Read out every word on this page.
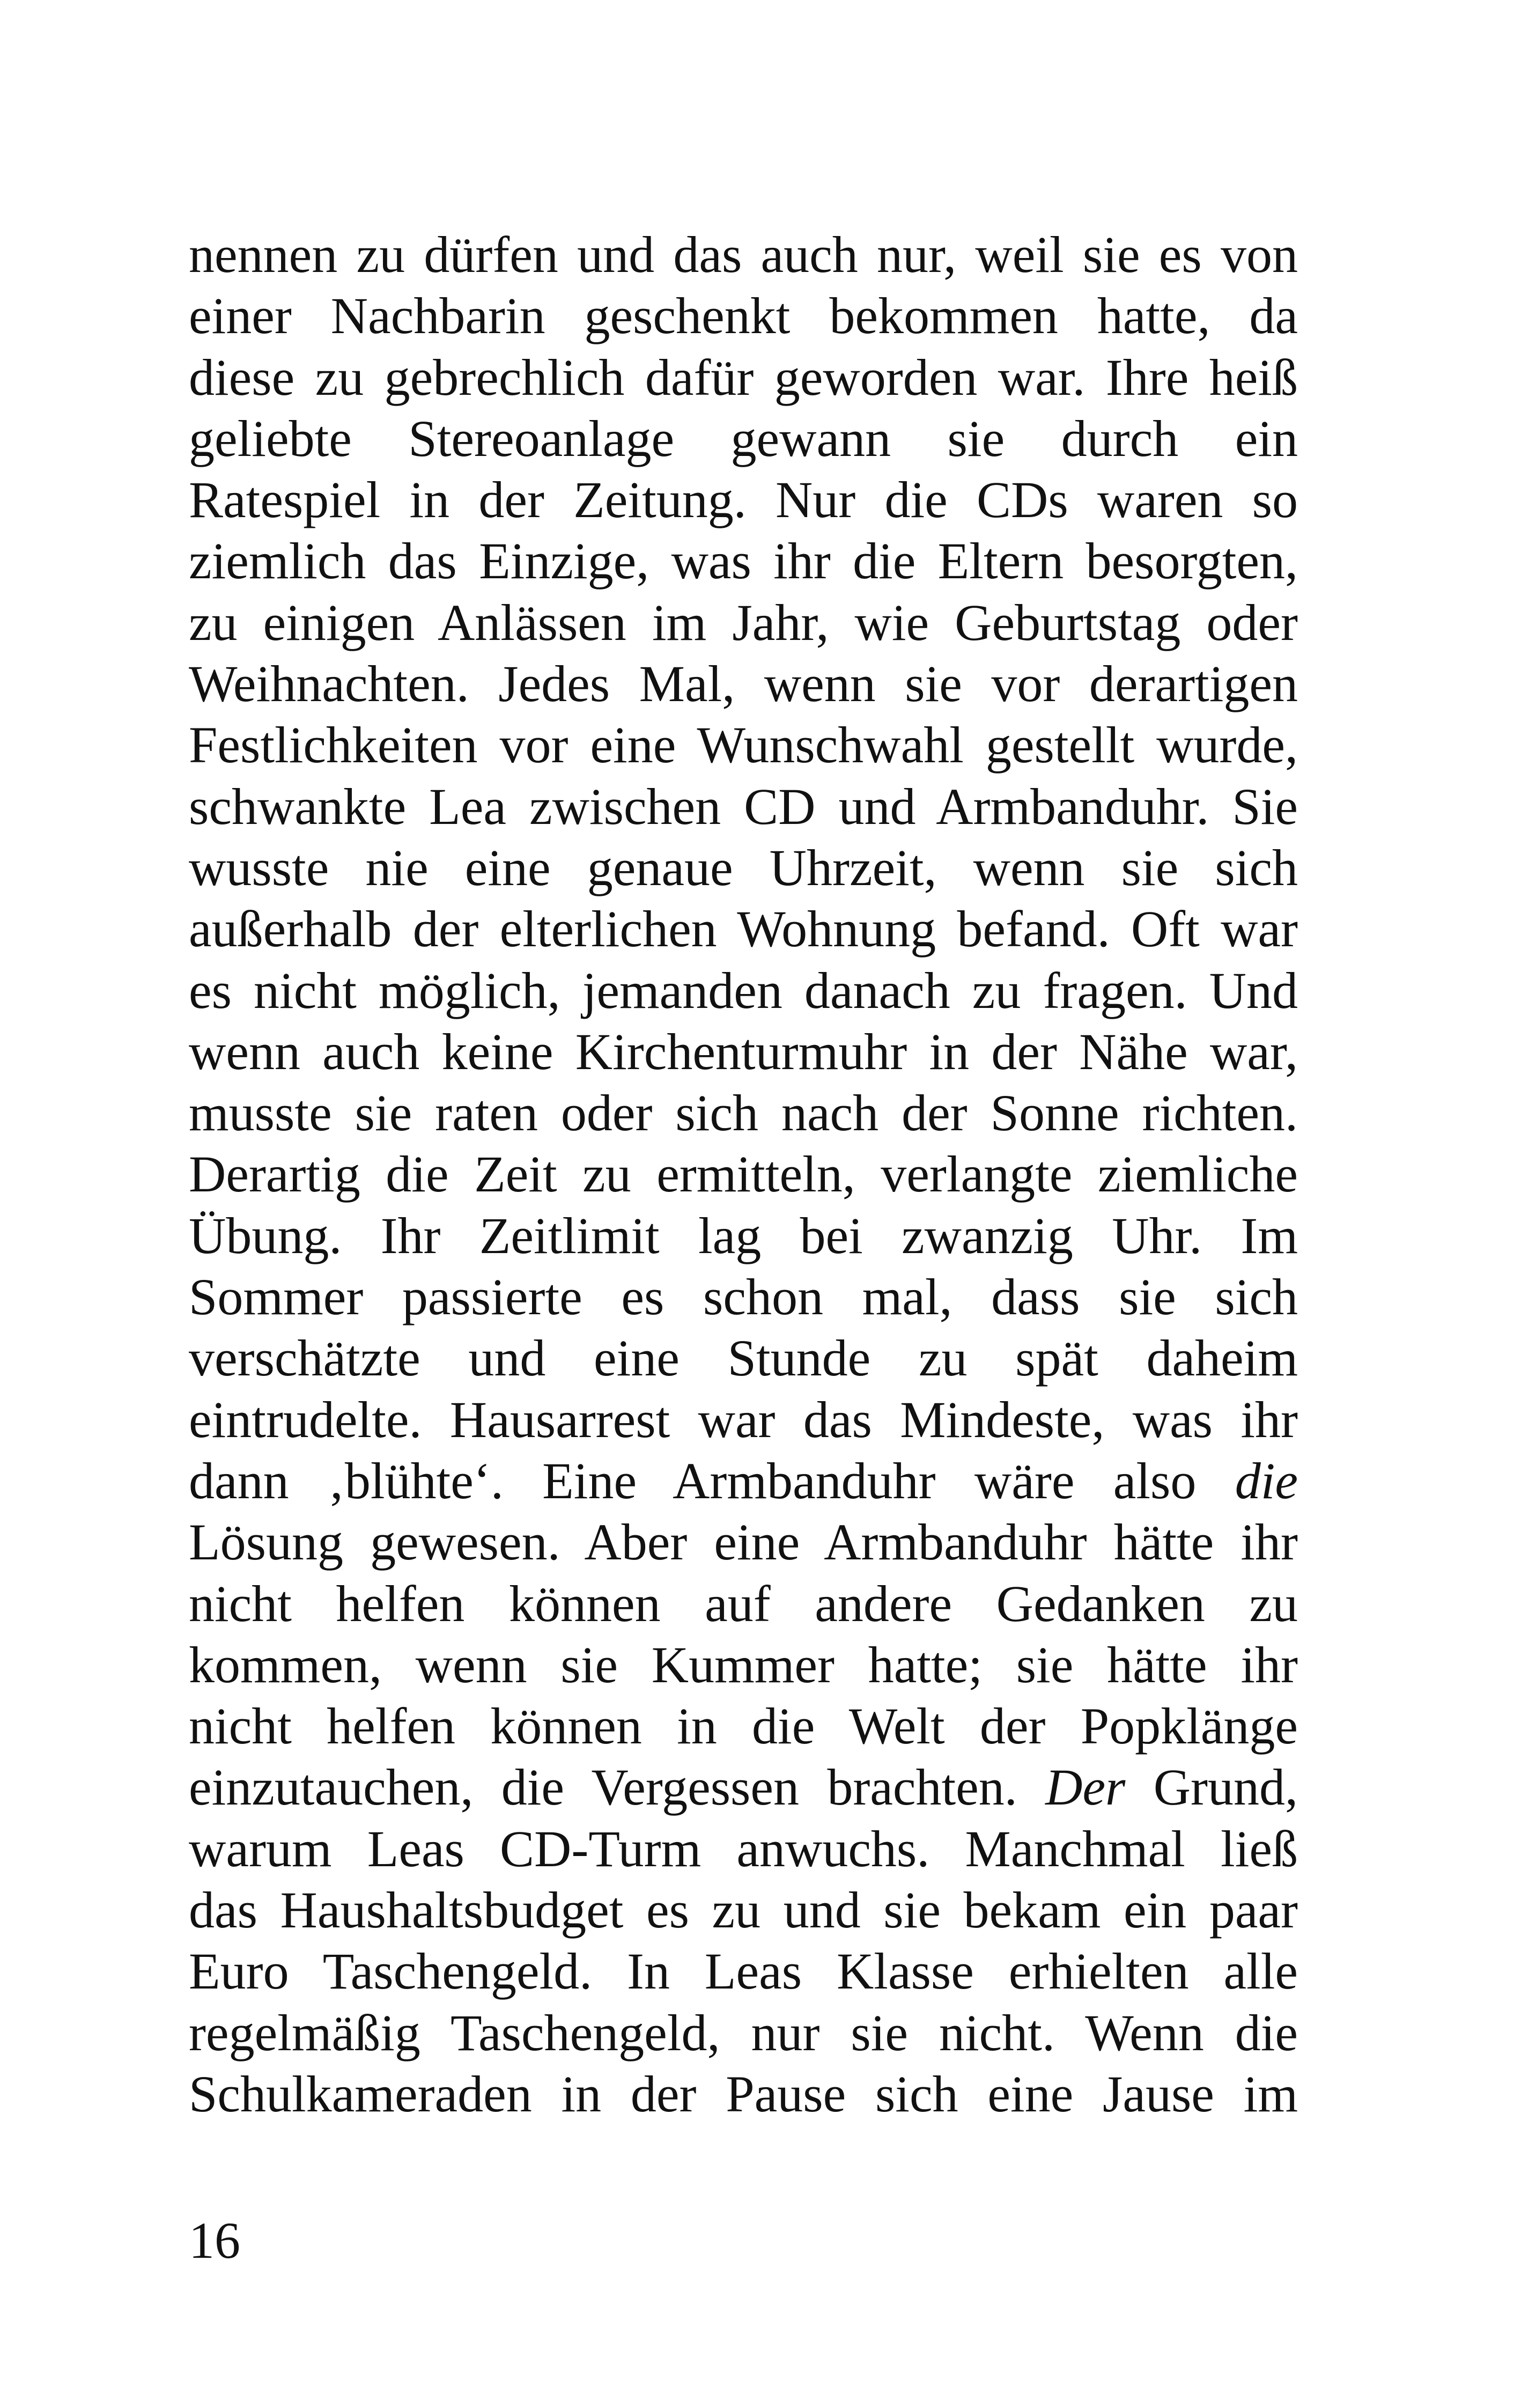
nennen zu dürfen und das auch nur, weil sie es von
einer Nachbarin geschenkt bekommen hatte, da
diese zu gebrechlich dafür geworden war. Ihre heiß
geliebte Stereoanlage gewann sie durch ein
Ratespiel in der Zeitung. Nur die CDs waren so
ziemlich das Einzige, was ihr die Eltern besorgten,
zu einigen Anlässen im Jahr, wie Geburtstag oder
Weihnachten. Jedes Mal, wenn sie vor derartigen
Festlichkeiten vor eine Wunschwahl gestellt wurde,
schwankte Lea zwischen CD und Armbanduhr. Sie
wusste nie eine genaue Uhrzeit, wenn sie sich
außerhalb der elterlichen Wohnung befand. Oft war
es nicht möglich, jemanden danach zu fragen. Und
wenn auch keine Kirchenturmuhr in der Nähe war,
musste sie raten oder sich nach der Sonne richten.
Derartig die Zeit zu ermitteln, verlangte ziemliche
Übung. Ihr Zeitlimit lag bei zwanzig Uhr. Im
Sommer passierte es schon mal, dass sie sich
verschätzte und eine Stunde zu spät daheim
eintrudelte. Hausarrest war das Mindeste, was ihr
dann ‚blühte‘. Eine Armbanduhr wäre also die
Lösung gewesen. Aber eine Armbanduhr hätte ihr
nicht helfen können auf andere Gedanken zu
kommen, wenn sie Kummer hatte; sie hätte ihr
nicht helfen können in die Welt der Popklänge
einzutauchen, die Vergessen brachten. Der Grund,
warum Leas CD-Turm anwuchs. Manchmal ließ
das Haushaltsbudget es zu und sie bekam ein paar
Euro Taschengeld. In Leas Klasse erhielten alle
regelmäßig Taschengeld, nur sie nicht. Wenn die
Schulkameraden in der Pause sich eine Jause im
16
